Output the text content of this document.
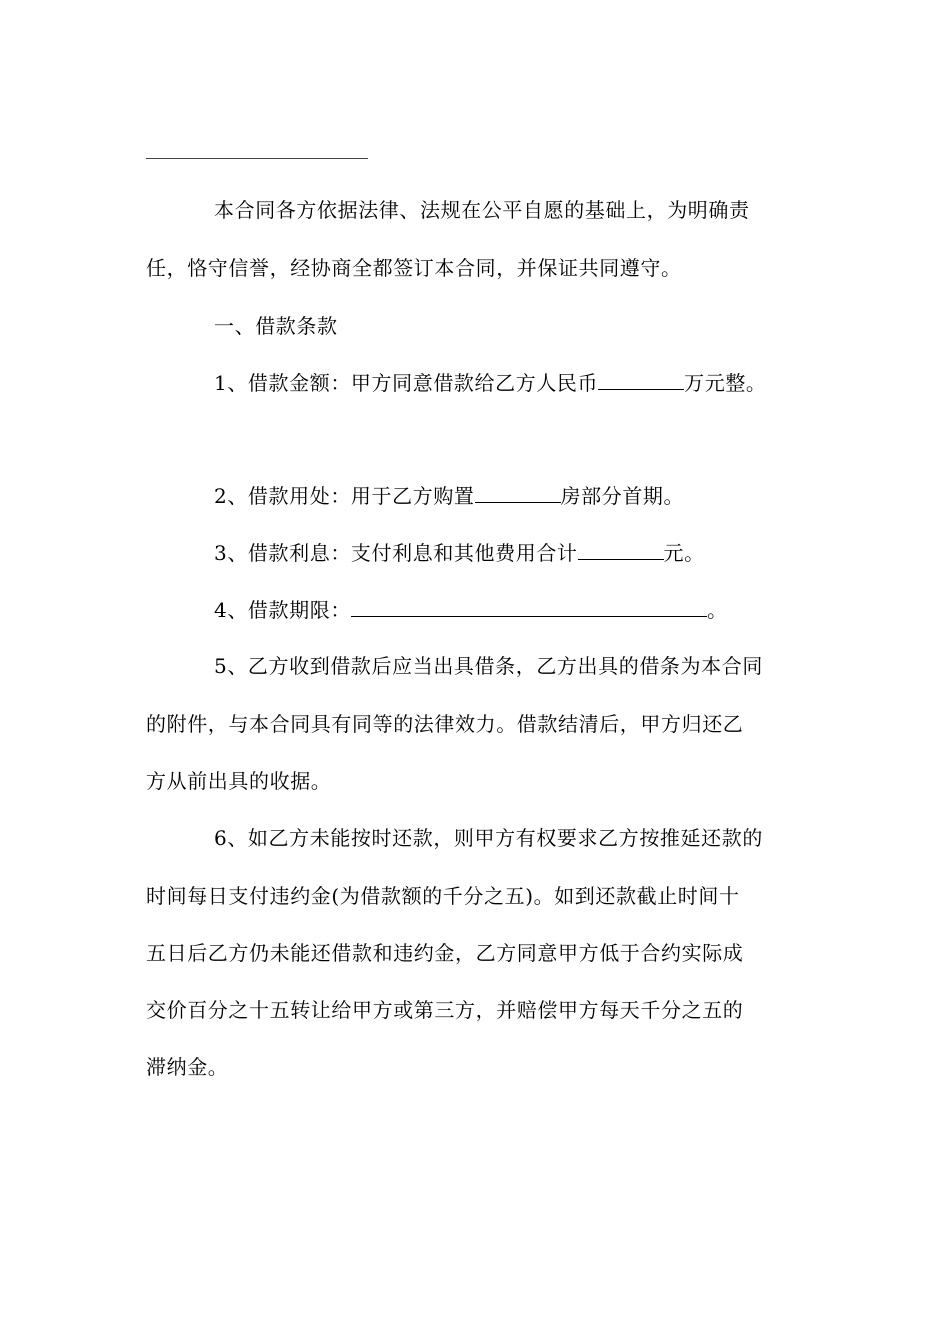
本合同各方依据法律、法规在公平自愿的基础上，为明确责
任，恪守信誉，经协商全都签订本合同，并保证共同遵守。
一、借款条款
1、借款金额：甲方同意借款给乙方人民币	万元整。
2、借款用处：用于乙方购置	房部分首期。
3、借款利息：支付利息和其他费用合计	元。
4、借款期限：	。
5、乙方收到借款后应当出具借条，乙方出具的借条为本合同
的附件，与本合同具有同等的法律效力。借款结清后，甲方归还乙
方从前出具的收据。
6、如乙方未能按时还款，则甲方有权要求乙方按推延还款的
时间每日支付违约金(为借款额的千分之五)。如到还款截止时间十
五日后乙方仍未能还借款和违约金，乙方同意甲方低于合约实际成
交价百分之十五转让给甲方或第三方，并赔偿甲方每天千分之五的
滞纳金。
